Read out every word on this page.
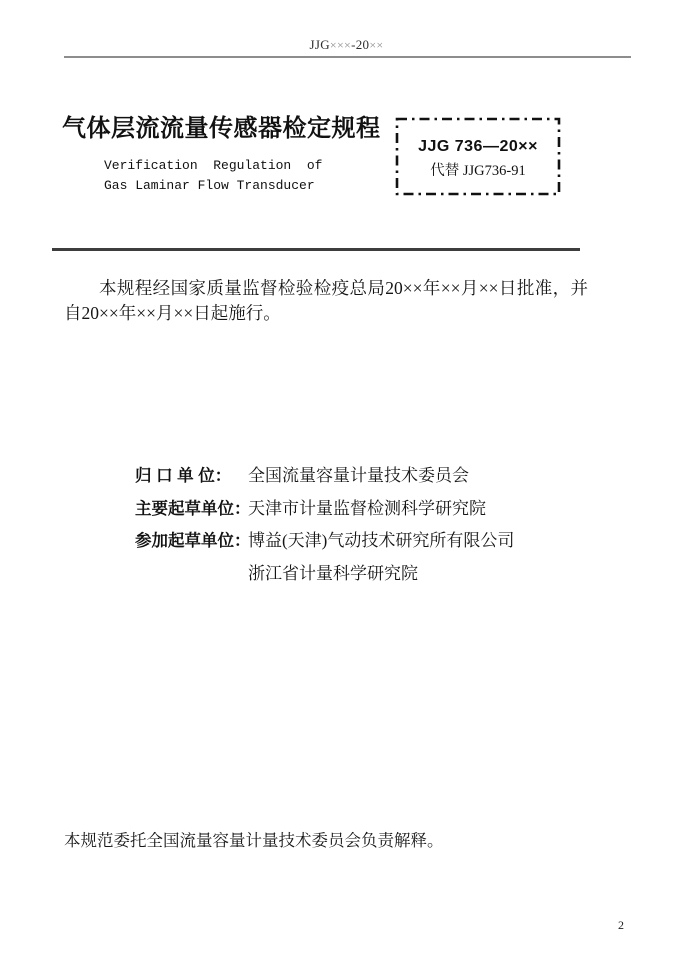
JJG×××-20××
气体层流流量传感器检定规程
Verification  Regulation  of
Gas Laminar Flow Transducer

JJG 736—20××
代替 JJG736-91
本规程经国家质量监督检验检疫总局20××年××月××日批准，并自20××年××月××日起施行。
归 口 单 位： 全国流量容量计量技术委员会
主要起草单位：
天津市计量监督检测科学研究院
参加起草单位：
博益(天津)气动技术研究所有限公司
浙江省计量科学研究院
本规范委托全国流量容量计量技术委员会负责解释。
2
